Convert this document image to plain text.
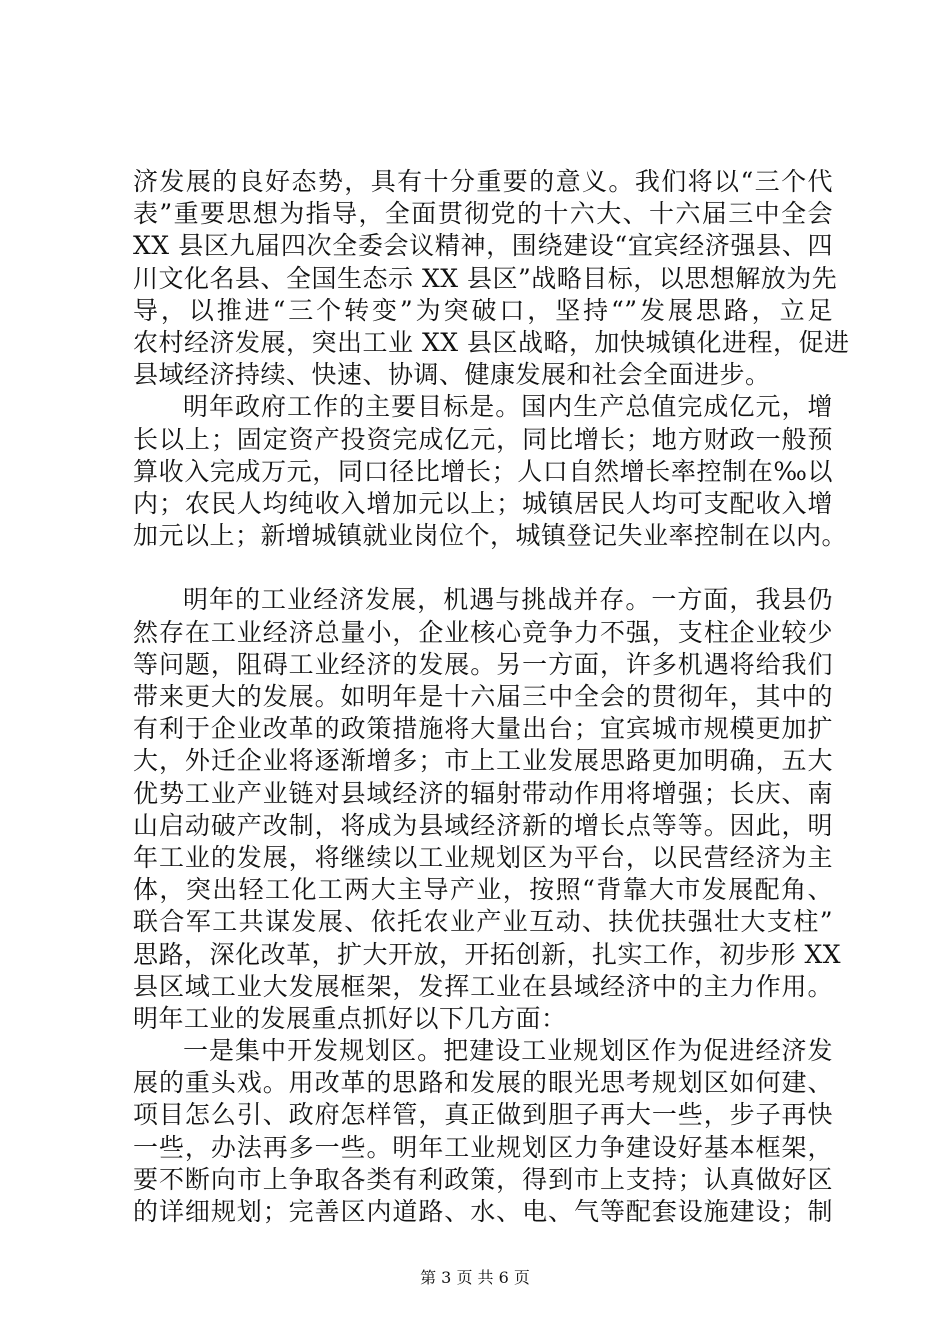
济发展的良好态势，具有十分重要的意义。我们将以“三个代
表”重要思想为指导，全面贯彻党的十六大、十六届三中全会
XX 县区九届四次全委会议精神，围绕建设“宜宾经济强县、四
川文化名县、全国生态示 XX 县区”战略目标，以思想解放为先
导，以推进“三个转变”为突破口，坚持“”发展思路，立足
农村经济发展，突出工业 XX 县区战略，加快城镇化进程，促进
县域经济持续、快速、协调、健康发展和社会全面进步。
明年政府工作的主要目标是。国内生产总值完成亿元，增
长以上；固定资产投资完成亿元，同比增长；地方财政一般预
算收入完成万元，同口径比增长；人口自然增长率控制在‰以
内；农民人均纯收入增加元以上；城镇居民人均可支配收入增
加元以上；新增城镇就业岗位个，城镇登记失业率控制在以内。
明年的工业经济发展，机遇与挑战并存。一方面，我县仍
然存在工业经济总量小，企业核心竞争力不强，支柱企业较少
等问题，阻碍工业经济的发展。另一方面，许多机遇将给我们
带来更大的发展。如明年是十六届三中全会的贯彻年，其中的
有利于企业改革的政策措施将大量出台；宜宾城市规模更加扩
大，外迁企业将逐渐增多；市上工业发展思路更加明确，五大
优势工业产业链对县域经济的辐射带动作用将增强；长庆、南
山启动破产改制，将成为县域经济新的增长点等等。因此，明
年工业的发展，将继续以工业规划区为平台，以民营经济为主
体，突出轻工化工两大主导产业，按照“背靠大市发展配角、
联合军工共谋发展、依托农业产业互动、扶优扶强壮大支柱”
思路，深化改革，扩大开放，开拓创新，扎实工作，初步形 XX
县区域工业大发展框架，发挥工业在县域经济中的主力作用。
明年工业的发展重点抓好以下几方面：
一是集中开发规划区。把建设工业规划区作为促进经济发
展的重头戏。用改革的思路和发展的眼光思考规划区如何建、
项目怎么引、政府怎样管，真正做到胆子再大一些，步子再快
一些，办法再多一些。明年工业规划区力争建设好基本框架，
要不断向市上争取各类有利政策，得到市上支持；认真做好区
的详细规划；完善区内道路、水、电、气等配套设施建设；制
第 3 页 共 6 页
